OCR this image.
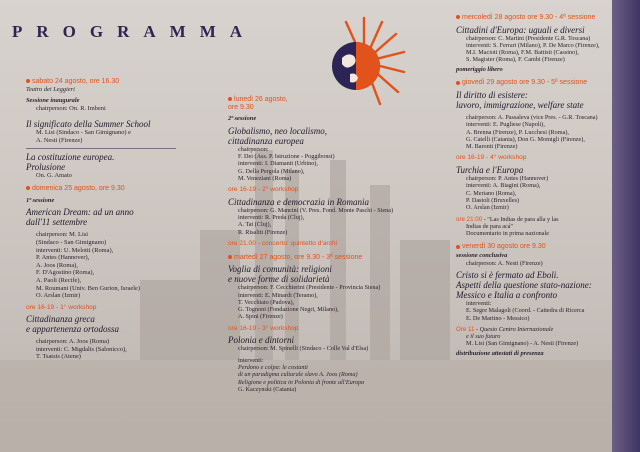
PROGRAMMA
sabato 24 agosto, ore 16.30
Teatro dei Leggieri
Sessione inaugurale
chairperson: On. R. Imbeni
Il significato della Summer School
M. Lisi (Sindaco - San Gimignano) e
A. Nesti (Firenze)
La costituzione europea.
Prolusione
On. G. Amato
domenica 25 agosto, ore 9.30
1ª sessione
American Dream: ad un anno
dall'11 settembre
chairperson: M. Lisi
(Sindaco - San Gimignano)
interventi: U. Melotti (Roma),
P. Antes (Hannover),
A. Joos (Roma),
F. D'Agostino (Roma),
A. Paoli (Recife),
M. Roumani (Univ. Ben Gurion, Israele)
O. Arslan (Izmir)
ore 16-19 - 1° workshop
Cittadinanza greca
e appartenenza ortodossa
chairperson: A. Joos (Roma)
interventi: C. Migdalis (Salonicco),
T. Tsatsis (Atene)
lunedì 26 agosto,
ore 9.30
2ª sessione
Globalismo, neo localismo,
cittadinanza europea
chairperson:
F. Dei (Ass. P. Istruzione - Poggibonsi)
interventi: I. Diamanti (Urbino),
G. Della Pergola (Milano),
M. Veneziani (Roma)
ore 16-19 - 2° workshop
Cittadinanza e democrazia in Romania
chairperson: G. Mancini (V. Pres. Fond. Monte Paschi - Siena)
interventi: R. Preda (Cluj),
A. Tat (Cluj),
R. Risaliti (Firenze)
ore 21.00 - concerto: quintetto d'archi
martedì 27 agosto, ore 9.30 - 3ª sessione
Voglia di comunità: religioni
e nuove forme di solidarietà
chairperson: F. Cecchierini (Presidente - Provincia Siena)
interventi: E. Minardi (Teramo),
T. Vecchiato (Padova),
G. Tognoni (Fondazione Negri, Milano),
A. Spini (Firenze)
ore 16-19 - 3° workshop
Polonia e dintorni
chairperson: M. Spinelli (Sindaco - Colle Val d'Elsa)
interventi:
Perdono e colpa: le costanti
di un paradigma culturale slavo A. Joos (Roma)
Religione e politica in Polonia di fronte all'Europa
G. Kaczynski (Catania)
mercoledì 28 agosto ore 9.30 - 4ª sessione
Cittadini d'Europa: uguali e diversi
chairperson: C. Martini (Presidente G.R. Toscana)
interventi: S. Ferrari (Milano), P. De Marco (Firenze),
M.I. Macioti (Roma), F.M. Battisti (Cassino),
S. Magister (Roma), F. Cambi (Firenze)
pomeriggio libero
giovedì 29 agosto ore 9.30 - 5ª sessione
Il diritto di esistere:
lavoro, immigrazione, welfare state
chairperson: A. Passaleva (vice Pres. - G.R. Toscana)
interventi: E. Pugliese (Napoli),
A. Brenna (Firenze), P. Lucchesi (Roma),
G. Catelli (Catania), Don G. Momigli (Firenze),
M. Baronti (Firenze)
ore 16-19 - 4° workshop
Turchia e l'Europa
chairperson: P. Antes (Hannover)
interventi: A. Biagini (Roma),
C. Meriano (Roma),
P. Dastoli (Bruxelles)
O. Arslan (Izmir)
ore 21:00 - "Las Indias de para alla y las
Indias de para acá"
Documentario in prima nazionale
venerdì 30 agosto ore 9.30
sessione conclusiva
chairperson: A. Nesti (Firenze)
Cristo si è fermato ad Eboli.
Aspetti della questione stato-nazione:
Messico e Italia a confronto
interventi:
E. Segre Malagoli (Coord. - Cattedra di Ricerca
E. De Martino - Messico)
Ore 11 - Questo Centro Internazionale
e il suo futuro
M. Lisi (San Gimignano) - A. Nesti (Firenze)
distribuzione attestati di presenza
